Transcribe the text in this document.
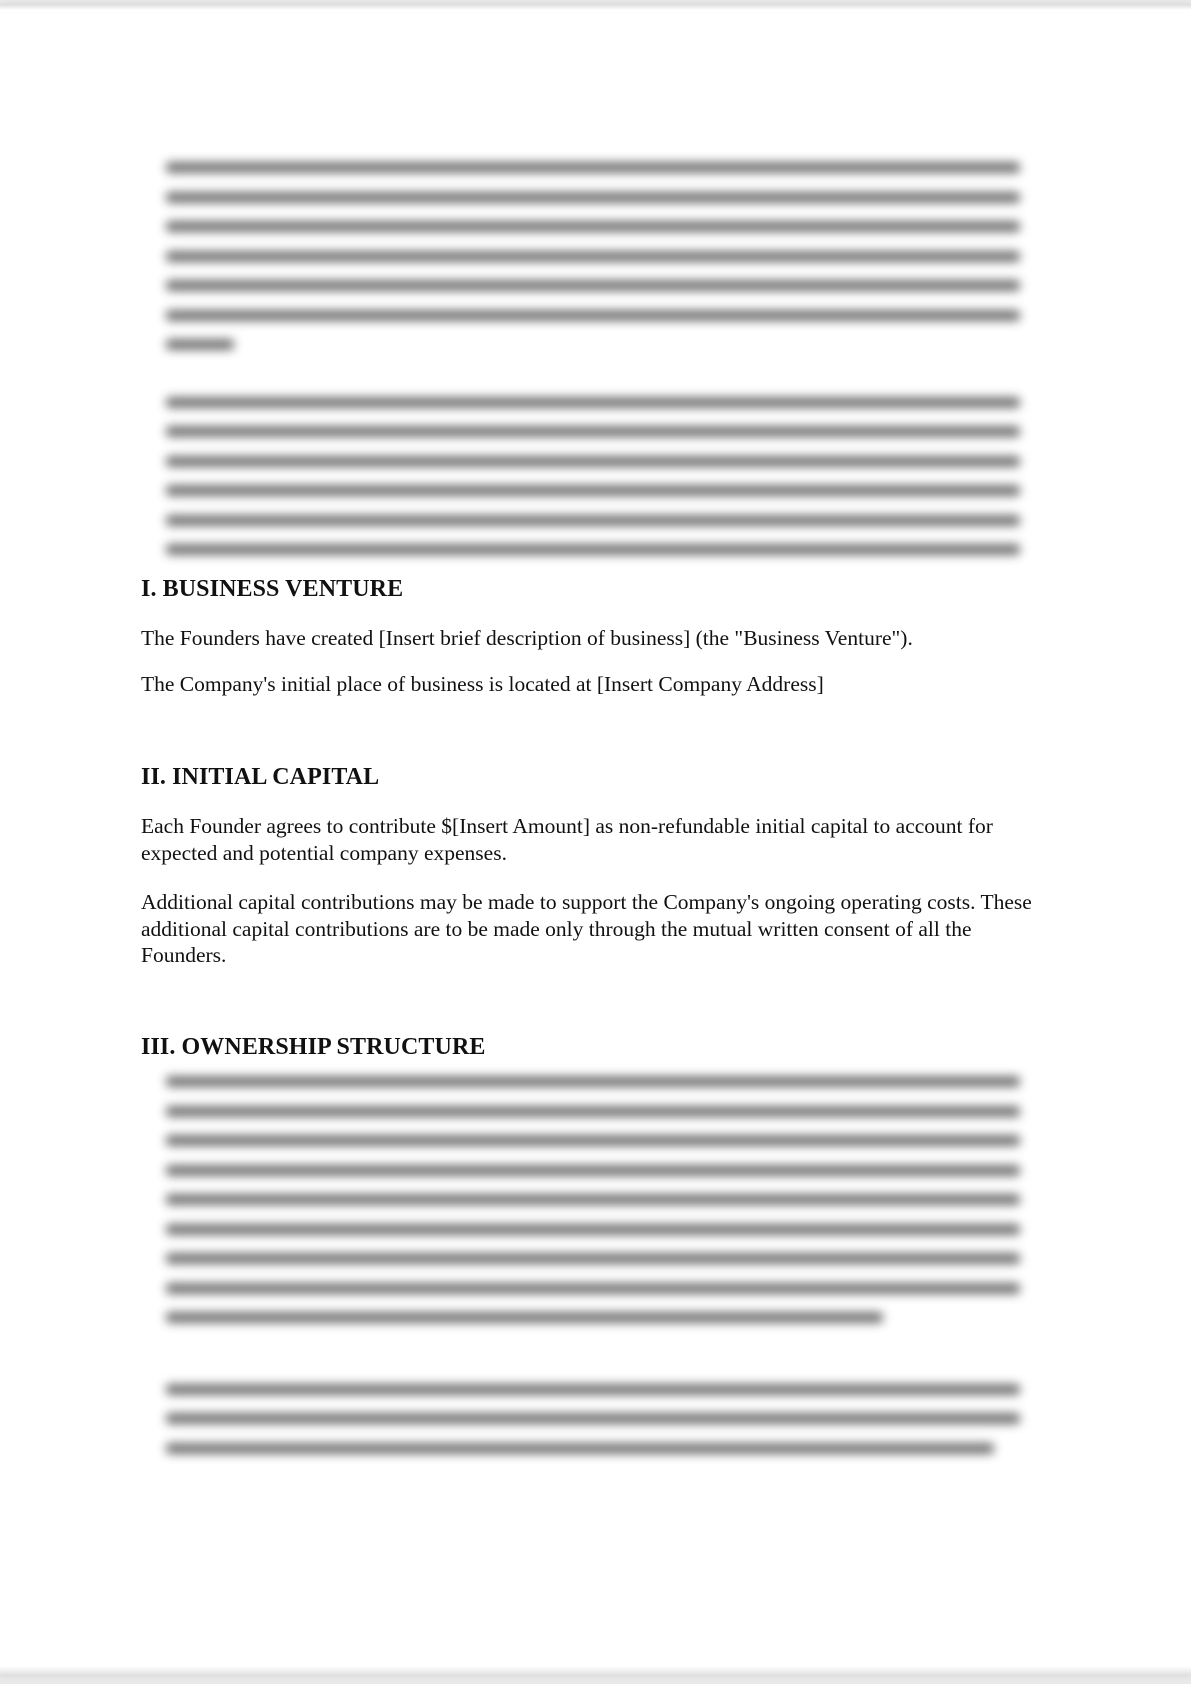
I. BUSINESS VENTURE

The Founders have created [Insert brief description of business] (the "Business Venture").

The Company's initial place of business is located at [Insert Company Address]

II. INITIAL CAPITAL

Each Founder agrees to contribute $[Insert Amount] as non-refundable initial capital to account for expected and potential company expenses.

Additional capital contributions may be made to support the Company's ongoing operating costs. These additional capital contributions are to be made only through the mutual written consent of all the Founders.

III. OWNERSHIP STRUCTURE
